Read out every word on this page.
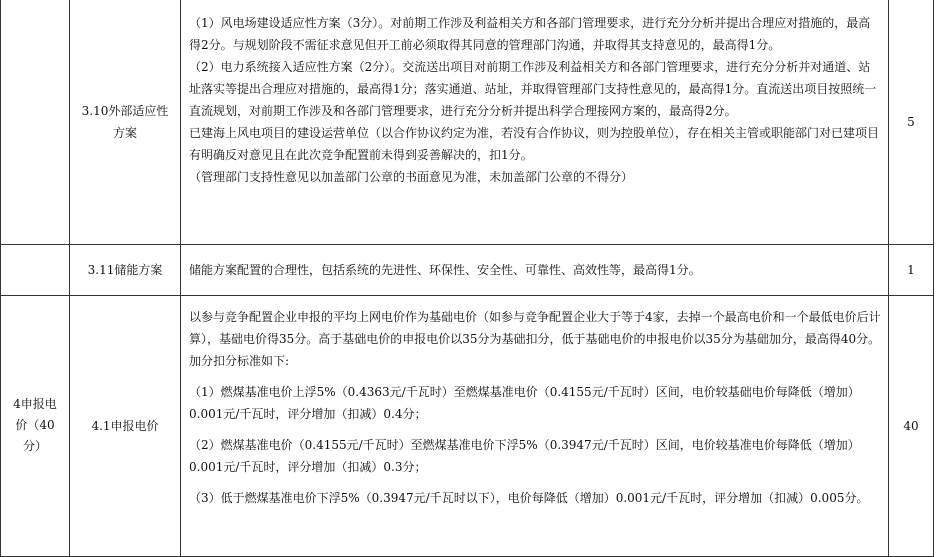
	3.10外部适应性方案	（1）风电场建设适应性方案（3分）。对前期工作涉及利益相关方和各部门管理要求，进行充分分析并提出合理应对措施的，最高得2分。与规划阶段不需征求意见但开工前必须取得其同意的管理部门沟通，并取得其支持意见的，最高得1分。

（2）电力系统接入适应性方案（2分）。交流送出项目对前期工作涉及利益相关方和各部门管理要求，进行充分分析并对通道、站址落实等提出合理应对措施的，最高得1分；落实通道、站址，并取得管理部门支持性意见的，最高得1分。直流送出项目按照统一直流规划，对前期工作涉及和各部门管理要求，进行充分分析并提出科学合理接网方案的，最高得2分。

已建海上风电项目的建设运营单位（以合作协议约定为准，若没有合作协议，则为控股单位），存在相关主管或职能部门对已建项目有明确反对意见且在此次竞争配置前未得到妥善解决的，扣1分。

（管理部门支持性意见以加盖部门公章的书面意见为准，未加盖部门公章的不得分）	5
	3.11储能方案	储能方案配置的合理性，包括系统的先进性、环保性、安全性、可靠性、高效性等，最高得1分。	1
4申报电价（40分）	4.1申报电价	以参与竞争配置企业申报的平均上网电价作为基础电价（如参与竞争配置企业大于等于4家，去掉一个最高电价和一个最低电价后计算），基础电价得35分。高于基础电价的申报电价以35分为基础扣分，低于基础电价的申报电价以35分为基础加分，最高得40分。加分扣分标准如下:

（1）燃煤基准电价上浮5%（0.4363元/千瓦时）至燃煤基准电价（0.4155元/千瓦时）区间，电价较基础电价每降低（增加）0.001元/千瓦时，评分增加（扣减）0.4分；

（2）燃煤基准电价（0.4155元/千瓦时）至燃煤基准电价下浮5%（0.3947元/千瓦时）区间，电价较基准电价每降低（增加）0.001元/千瓦时，评分增加（扣减）0.3分；

（3）低于燃煤基准电价下浮5%（0.3947元/千瓦时以下），电价每降低（增加）0.001元/千瓦时，评分增加（扣减）0.005分。	40
